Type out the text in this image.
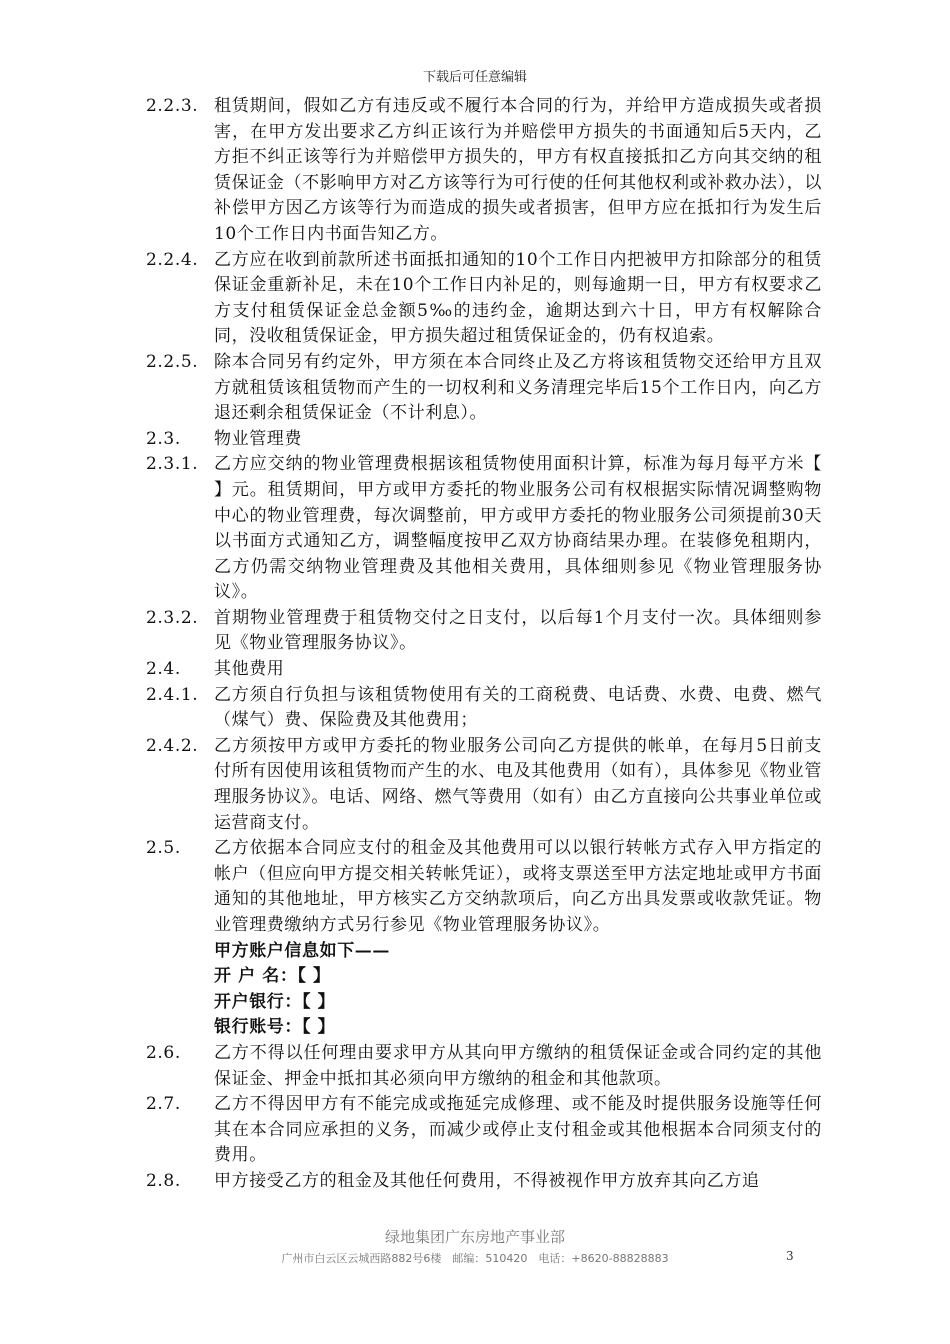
下载后可任意编辑
2.2.3. 租赁期间，假如乙方有违反或不履行本合同的行为，并给甲方造成损失或者损害，在甲方发出要求乙方纠正该行为并赔偿甲方损失的书面通知后5天内，乙方拒不纠正该等行为并赔偿甲方损失的，甲方有权直接抵扣乙方向其交纳的租赁保证金（不影响甲方对乙方该等行为可行使的任何其他权利或补救办法），以补偿甲方因乙方该等行为而造成的损失或者损害，但甲方应在抵扣行为发生后10个工作日内书面告知乙方。
2.2.4. 乙方应在收到前款所述书面抵扣通知的10个工作日内把被甲方扣除部分的租赁保证金重新补足，未在10个工作日内补足的，则每逾期一日，甲方有权要求乙方支付租赁保证金总金额5‰的违约金，逾期达到六十日，甲方有权解除合同，没收租赁保证金，甲方损失超过租赁保证金的，仍有权追索。
2.2.5. 除本合同另有约定外，甲方须在本合同终止及乙方将该租赁物交还给甲方且双方就租赁该租赁物而产生的一切权利和义务清理完毕后15个工作日内，向乙方退还剩余租赁保证金（不计利息）。
2.3.	物业管理费
2.3.1. 乙方应交纳的物业管理费根据该租赁物使用面积计算，标准为每月每平方米【 】元。租赁期间，甲方或甲方委托的物业服务公司有权根据实际情况调整购物中心的物业管理费，每次调整前，甲方或甲方委托的物业服务公司须提前30天以书面方式通知乙方，调整幅度按甲乙双方协商结果办理。在装修免租期内，乙方仍需交纳物业管理费及其他相关费用，具体细则参见《物业管理服务协议》。
2.3.2. 首期物业管理费于租赁物交付之日支付，以后每1个月支付一次。具体细则参见《物业管理服务协议》。
2.4.	其他费用
2.4.1. 乙方须自行负担与该租赁物使用有关的工商税费、电话费、水费、电费、燃气（煤气）费、保险费及其他费用；
2.4.2. 乙方须按甲方或甲方委托的物业服务公司向乙方提供的帐单，在每月5日前支付所有因使用该租赁物而产生的水、电及其他费用（如有），具体参见《物业管理服务协议》。电话、网络、燃气等费用（如有）由乙方直接向公共事业单位或运营商支付。
2.5.	乙方依据本合同应支付的租金及其他费用可以以银行转帐方式存入甲方指定的帐户（但应向甲方提交相关转帐凭证），或将支票送至甲方法定地址或甲方书面通知的其他地址，甲方核实乙方交纳款项后，向乙方出具发票或收款凭证。物业管理费缴纳方式另行参见《物业管理服务协议》。
甲方账户信息如下——
开 户 名：【 】
开户银行：【 】
银行账号：【 】
2.6.	乙方不得以任何理由要求甲方从其向甲方缴纳的租赁保证金或合同约定的其他保证金、押金中抵扣其必须向甲方缴纳的租金和其他款项。
2.7.	乙方不得因甲方有不能完成或拖延完成修理、或不能及时提供服务设施等任何其在本合同应承担的义务，而减少或停止支付租金或其他根据本合同须支付的费用。
2.8.	甲方接受乙方的租金及其他任何费用，不得被视作甲方放弃其向乙方追
绿地集团广东房地产事业部
广州市白云区云城西路882号6楼　邮编：510420　电话：+8620-88828883	3
